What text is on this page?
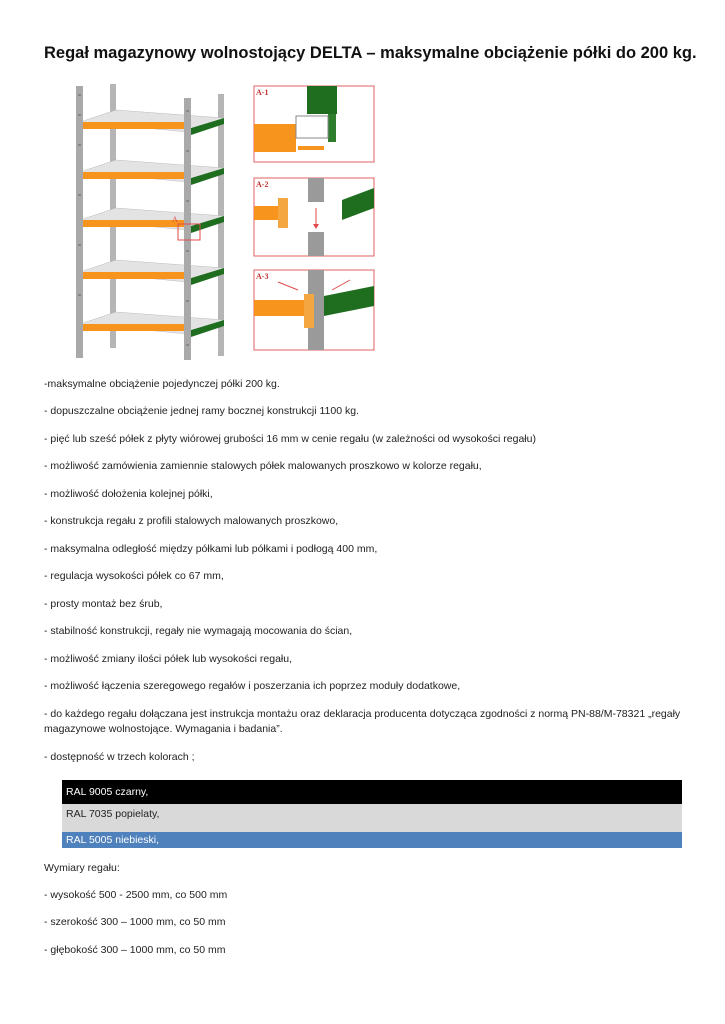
Regał magazynowy wolnostojący DELTA – maksymalne obciążenie półki do 200 kg.
A
A-1
A-2
A-3
-maksymalne obciążenie pojedynczej półki 200 kg.
- dopuszczalne obciążenie jednej ramy bocznej konstrukcji 1100 kg.
- pięć lub sześć półek z płyty wiórowej grubości 16 mm w cenie regału (w zależności od wysokości regału)
- możliwość zamówienia zamiennie stalowych półek malowanych proszkowo w kolorze regału,
- możliwość dołożenia kolejnej półki,
- konstrukcja regału z profili stalowych malowanych proszkowo,
- maksymalna odległość między półkami lub półkami i podłogą 400 mm,
- regulacja wysokości półek co 67 mm,
- prosty montaż bez śrub,
- stabilność konstrukcji, regały nie wymagają mocowania do ścian,
- możliwość zmiany ilości półek lub wysokości regału,
- możliwość łączenia szeregowego regałów i poszerzania ich poprzez moduły dodatkowe,
- do każdego regału dołączana jest instrukcja montażu oraz deklaracja producenta dotycząca zgodności z normą PN-88/M-78321 „regały magazynowe wolnostojące. Wymagania i badania”.
- dostępność w trzech kolorach ;
RAL 9005 czarny,
RAL 7035 popielaty,
RAL 5005 niebieski,
Wymiary regału:
- wysokość 500 - 2500 mm, co 500 mm
- szerokość 300 – 1000 mm, co 50 mm
- głębokość 300 – 1000 mm, co 50 mm
